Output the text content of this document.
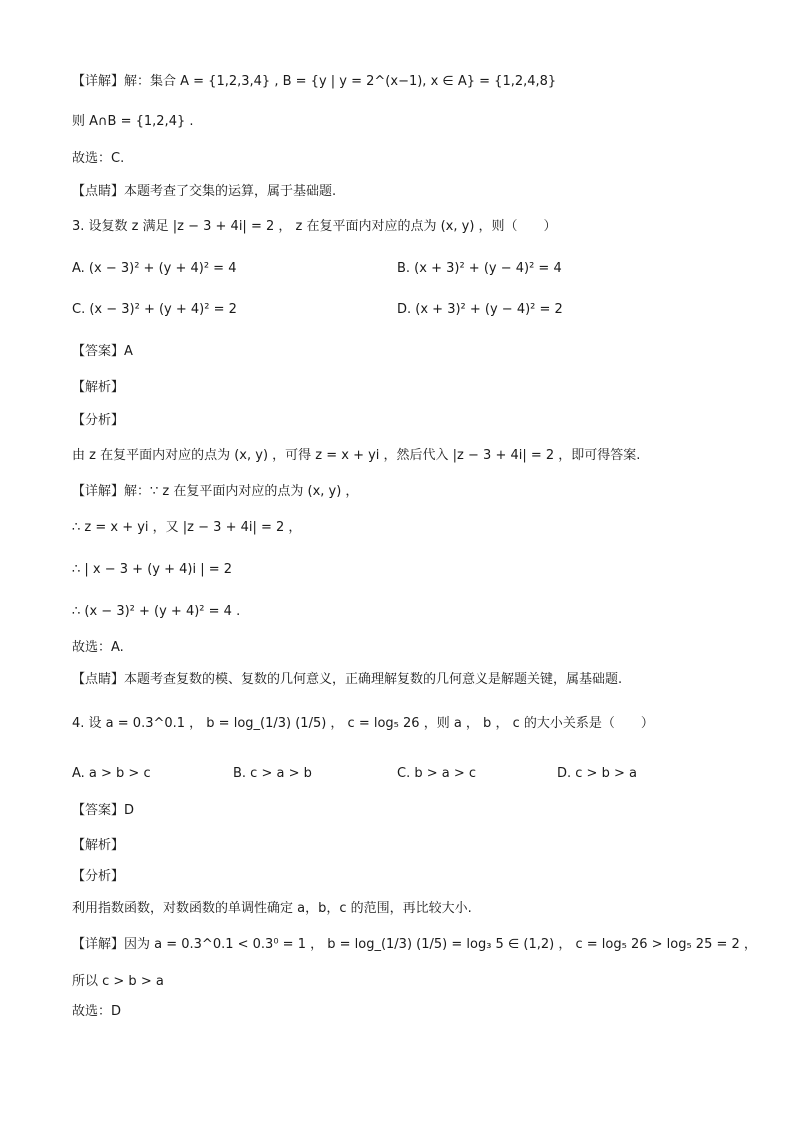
【详解】解：集合 A = {1,2,3,4} , B = {y | y = 2^(x−1), x ∈ A} = {1,2,4,8}
则 A∩B = {1,2,4} .
故选：C.
【点睛】本题考查了交集的运算，属于基础题.
3. 设复数 z 满足 |z − 3 + 4i| = 2 ， z 在复平面内对应的点为 (x, y) ，则（　　）
A. (x − 3)² + (y + 4)² = 4	B. (x + 3)² + (y − 4)² = 4
C. (x − 3)² + (y + 4)² = 2	D. (x + 3)² + (y − 4)² = 2
【答案】A
【解析】
【分析】
由 z 在复平面内对应的点为 (x, y) ，可得 z = x + yi ，然后代入 |z − 3 + 4i| = 2 ，即可得答案.
【详解】解：∵ z 在复平面内对应的点为 (x, y) ，
∴ z = x + yi ，又 |z − 3 + 4i| = 2 ，
∴ | x − 3 + (y + 4)i | = 2
∴ (x − 3)² + (y + 4)² = 4 .
故选：A.
【点睛】本题考查复数的模、复数的几何意义，正确理解复数的几何意义是解题关键，属基础题.
4. 设 a = 0.3^0.1 ， b = log_(1/3) (1/5) ， c = log₅ 26 ，则 a ， b ， c 的大小关系是（　　）
A. a > b > c	B. c > a > b	C. b > a > c	D. c > b > a
【答案】D
【解析】
【分析】
利用指数函数，对数函数的单调性确定 a，b，c 的范围，再比较大小.
【详解】因为 a = 0.3^0.1 < 0.3⁰ = 1 ， b = log_(1/3) (1/5) = log₃ 5 ∈ (1,2) ， c = log₅ 26 > log₅ 25 = 2 ，
所以 c > b > a
故选：D
